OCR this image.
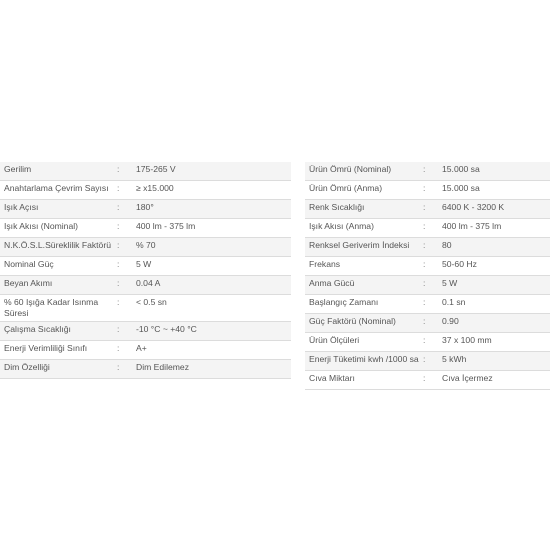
Gerilim	:	175-265 V
Anahtarlama Çevrim Sayısı	:	≥ x15.000
Işık Açısı	:	180°
Işık Akısı (Nominal)	:	400 lm - 375 lm
N.K.Ö.S.L.Süreklilik Faktörü	:	% 70
Nominal Güç	:	5 W
Beyan Akımı	:	0.04 A
% 60 Işığa Kadar Isınma Süresi	:	< 0.5 sn
Çalışma Sıcaklığı	:	-10 °C ~ +40 °C
Enerji Verimliliği Sınıfı	:	A+
Dim Özelliği	:	Dim Edilemez
Ürün Ömrü (Nominal)	:	15.000 sa
Ürün Ömrü (Anma)	:	15.000 sa
Renk Sıcaklığı	:	6400 K - 3200 K
Işık Akısı (Anma)	:	400 lm - 375 lm
Renksel Geriverim İndeksi	:	80
Frekans	:	50-60 Hz
Anma Gücü	:	5 W
Başlangıç Zamanı	:	0.1 sn
Güç Faktörü (Nominal)	:	0.90
Ürün Ölçüleri	:	37 x 100 mm
Enerji Tüketimi kwh /1000 sa	:	5 kWh
Cıva Miktarı	:	Cıva İçermez
